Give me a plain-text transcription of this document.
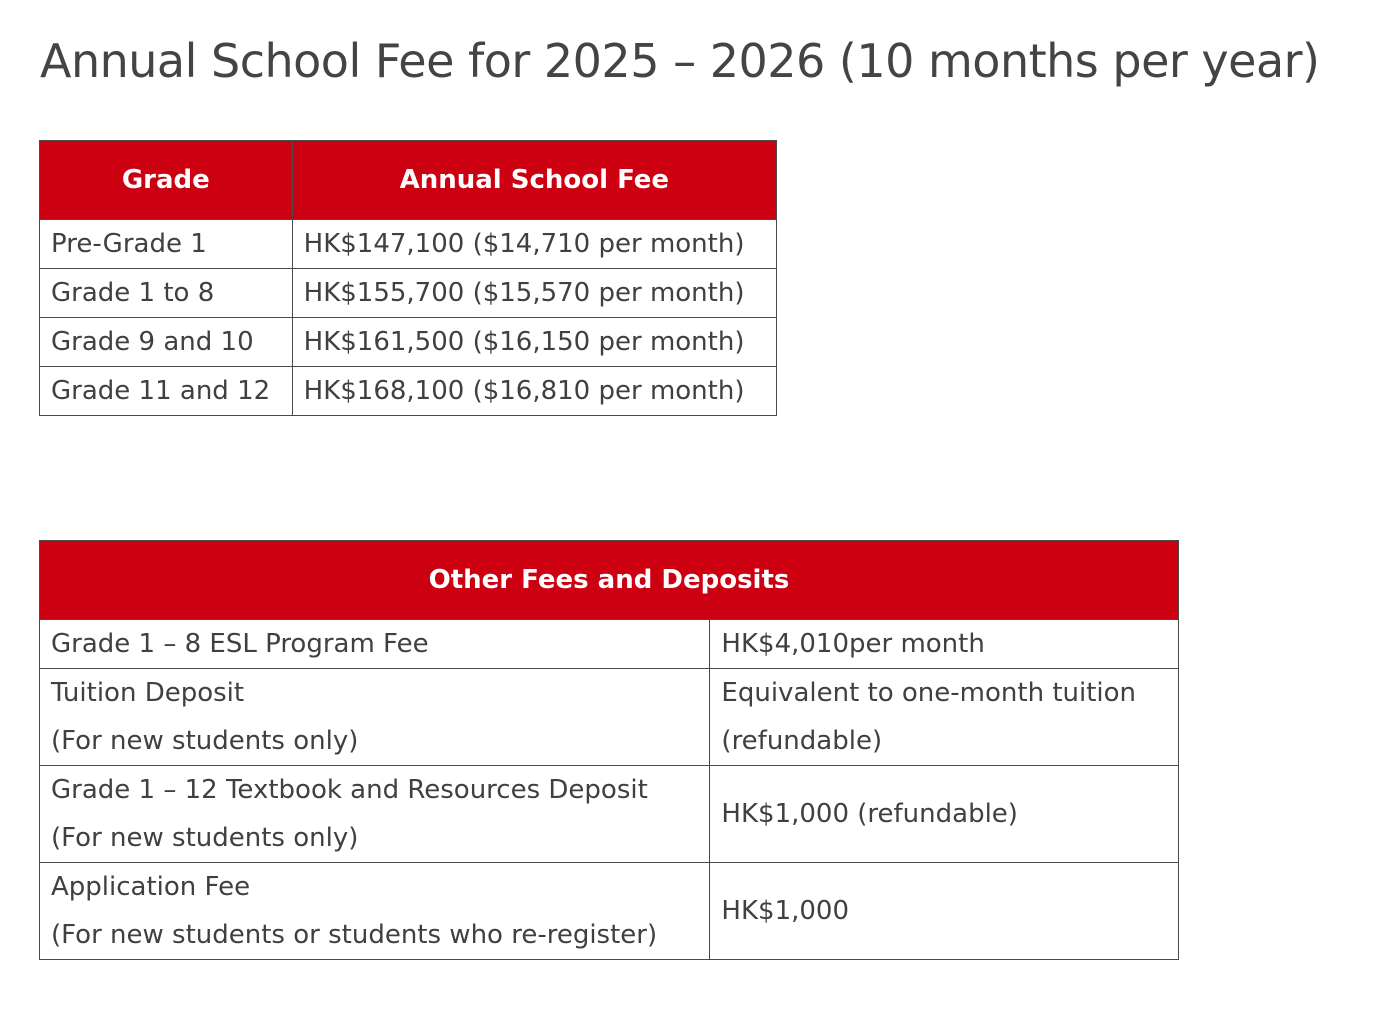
Annual School Fee for 2025 – 2026 (10 months per year)
Grade	Annual School Fee
Pre-Grade 1	HK$147,100 ($14,710 per month)
Grade 1 to 8	HK$155,700 ($15,570 per month)
Grade 9 and 10	HK$161,500 ($16,150 per month)
Grade 11 and 12	HK$168,100 ($16,810 per month)
Other Fees and Deposits	

Grade 1 – 8 ESL Program Fee	HK$4,010per month

Tuition Deposit
(For new students only)	Equivalent to one-month tuition
(refundable)

Grade 1 – 12 Textbook and Resources Deposit
(For new students only)	HK$1,000 (refundable)

Application Fee
(For new students or students who re-register)	HK$1,000
